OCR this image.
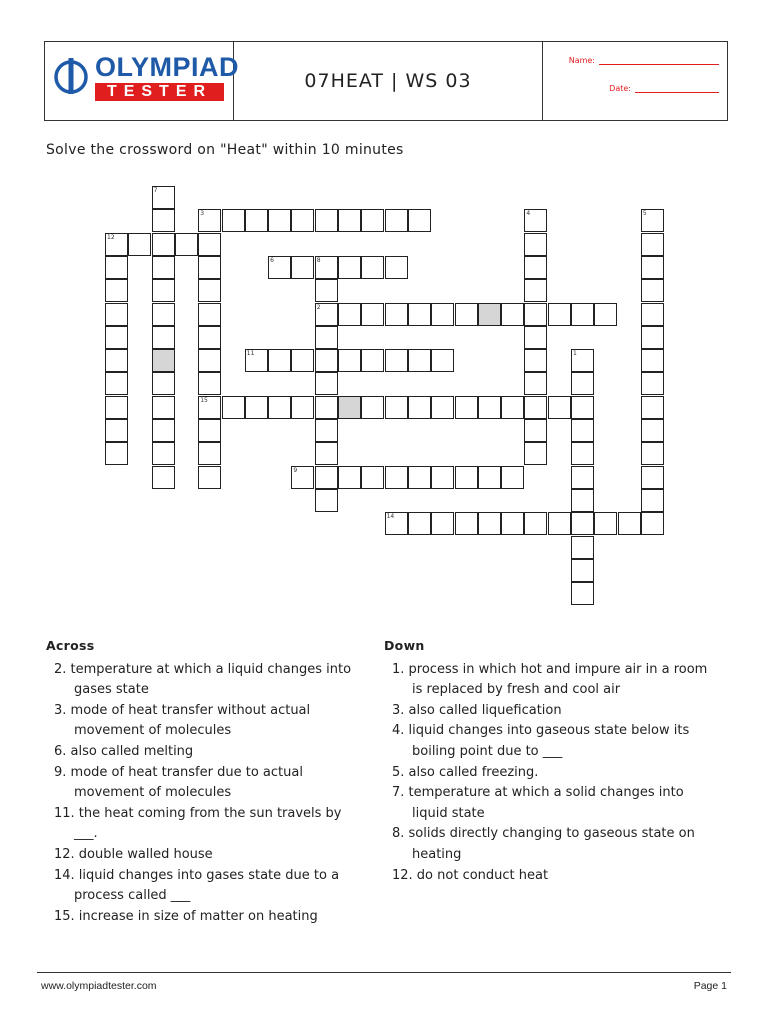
OLYMPIAD
TESTER	07HEAT | WS 03
Name:
Date:
Solve the crossword on "Heat" within 10 minutes
3
12
6	8
2
11
15
9
14
7
4	5
1
Across
2. temperature at which a liquid changes into gases state
3. mode of heat transfer without actual movement of molecules
6. also called melting
9. mode of heat transfer due to actual movement of molecules
11. the heat coming from the sun travels by ___.
12. double walled house
14. liquid changes into gases state due to a process called ___
15. increase in size of matter on heating
Down
1. process in which hot and impure air in a room is replaced by fresh and cool air
3. also called liquefication
4. liquid changes into gaseous state below its boiling point due to ___
5. also called freezing.
7. temperature at which a solid changes into liquid state
8. solids directly changing to gaseous state on heating
12. do not conduct heat
www.olympiadtester.com	Page 1
